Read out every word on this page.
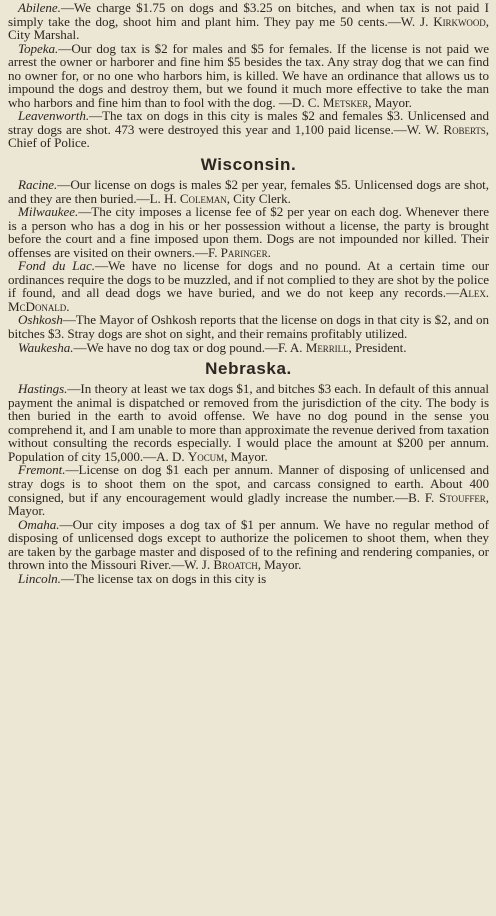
Abilene.—We charge $1.75 on dogs and $3.25 on bitches, and when tax is not paid I simply take the dog, shoot him and plant him. They pay me 50 cents.—W. J. Kirkwood, City Marshal.

Topeka.—Our dog tax is $2 for males and $5 for females. If the license is not paid we arrest the owner or harborer and fine him $5 besides the tax. Any stray dog that we can find no owner for, or no one who harbors him, is killed. We have an ordinance that allows us to impound the dogs and destroy them, but we found it much more effective to take the man who harbors and fine him than to fool with the dog. —D. C. Metsker, Mayor.

Leavenworth.—The tax on dogs in this city is males $2 and females $3. Unlicensed and stray dogs are shot. 473 were destroyed this year and 1,100 paid license.—W. W. Roberts, Chief of Police.

Wisconsin.

Racine.—Our license on dogs is males $2 per year, females $5. Unlicensed dogs are shot, and they are then buried.—L. H. Coleman, City Clerk.

Milwaukee.—The city imposes a license fee of $2 per year on each dog. Whenever there is a person who has a dog in his or her possession without a license, the party is brought before the court and a fine imposed upon them. Dogs are not impounded nor killed. Their offenses are visited on their owners.—F. Paringer.

Fond du Lac.—We have no license for dogs and no pound. At a certain time our ordinances require the dogs to be muzzled, and if not complied to they are shot by the police if found, and all dead dogs we have buried, and we do not keep any records.—Alex. McDonald.

Oshkosh—The Mayor of Oshkosh reports that the license on dogs in that city is $2, and on bitches $3. Stray dogs are shot on sight, and their remains profitably utilized.

Waukesha.—We have no dog tax or dog pound.—F. A. Merrill, President.

Nebraska.

Hastings.—In theory at least we tax dogs $1, and bitches $3 each. In default of this annual payment the animal is dispatched or removed from the jurisdiction of the city. The body is then buried in the earth to avoid offense. We have no dog pound in the sense you comprehend it, and I am unable to more than approximate the revenue derived from taxation without consulting the records especially. I would place the amount at $200 per annum. Population of city 15,000.—A. D. Yocum, Mayor.

Fremont.—License on dog $1 each per annum. Manner of disposing of unlicensed and stray dogs is to shoot them on the spot, and carcass consigned to earth. About 400 consigned, but if any encouragement would gladly increase the number.—B. F. Stouffer, Mayor.

Omaha.—Our city imposes a dog tax of $1 per annum. We have no regular method of disposing of unlicensed dogs except to authorize the policemen to shoot them, when they are taken by the garbage master and disposed of to the refining and rendering companies, or thrown into the Missouri River.—W. J. Broatch, Mayor.

Lincoln.—The license tax on dogs in this city is
